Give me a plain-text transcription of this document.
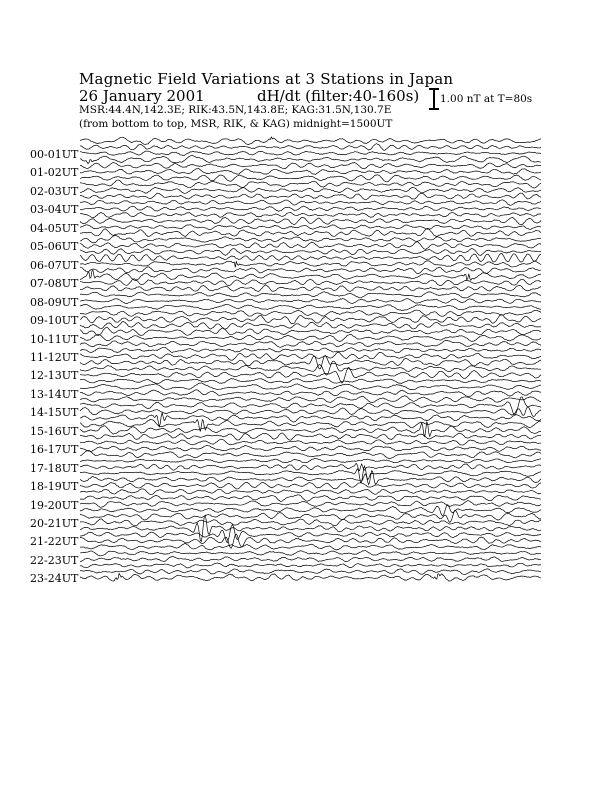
Magnetic Field Variations at 3 Stations in Japan
26 January 2001	dH/dt (filter:40-160s)
MSR:44.4N,142.3E; RIK:43.5N,143.8E; KAG:31.5N,130.7E
(from bottom to top, MSR, RIK, & KAG) midnight=1500UT
1.00 nT at T=80s
00-01UT
01-02UT
02-03UT
03-04UT
04-05UT
05-06UT
06-07UT
07-08UT
08-09UT
09-10UT
10-11UT
11-12UT
12-13UT
13-14UT
14-15UT
15-16UT
16-17UT
17-18UT
18-19UT
19-20UT
20-21UT
21-22UT
22-23UT
23-24UT
